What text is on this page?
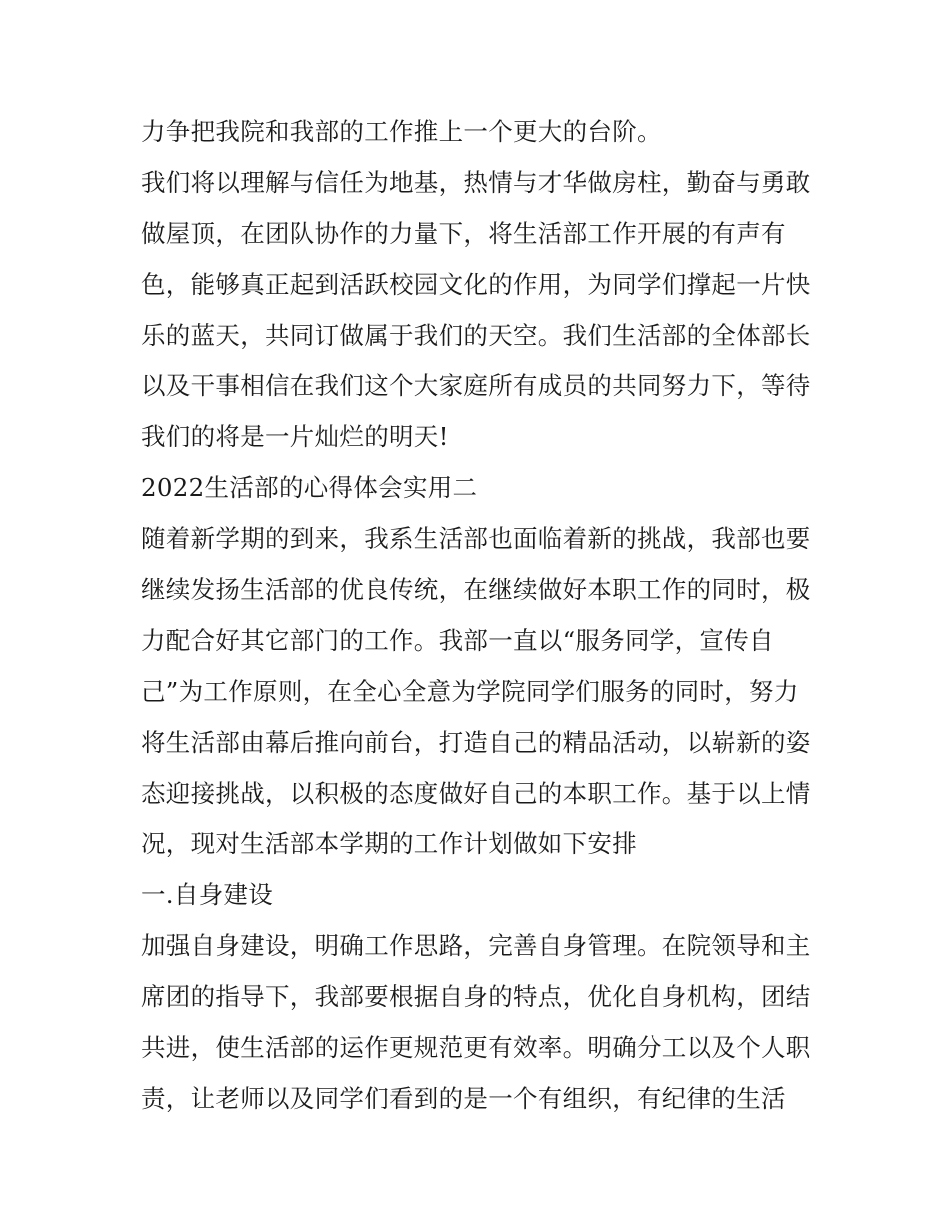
力争把我院和我部的工作推上一个更大的台阶。
我们将以理解与信任为地基，热情与才华做房柱，勤奋与勇敢
做屋顶，在团队协作的力量下，将生活部工作开展的有声有
色，能够真正起到活跃校园文化的作用，为同学们撑起一片快
乐的蓝天，共同订做属于我们的天空。我们生活部的全体部长
以及干事相信在我们这个大家庭所有成员的共同努力下，等待
我们的将是一片灿烂的明天!
2022生活部的心得体会实用二
随着新学期的到来，我系生活部也面临着新的挑战，我部也要
继续发扬生活部的优良传统，在继续做好本职工作的同时，极
力配合好其它部门的工作。我部一直以“服务同学，宣传自
己”为工作原则，在全心全意为学院同学们服务的同时，努力
将生活部由幕后推向前台，打造自己的精品活动，以崭新的姿
态迎接挑战，以积极的态度做好自己的本职工作。基于以上情
况，现对生活部本学期的工作计划做如下安排
一.自身建设
加强自身建设，明确工作思路，完善自身管理。在院领导和主
席团的指导下，我部要根据自身的特点，优化自身机构，团结
共进，使生活部的运作更规范更有效率。明确分工以及个人职
责，让老师以及同学们看到的是一个有组织，有纪律的生活
